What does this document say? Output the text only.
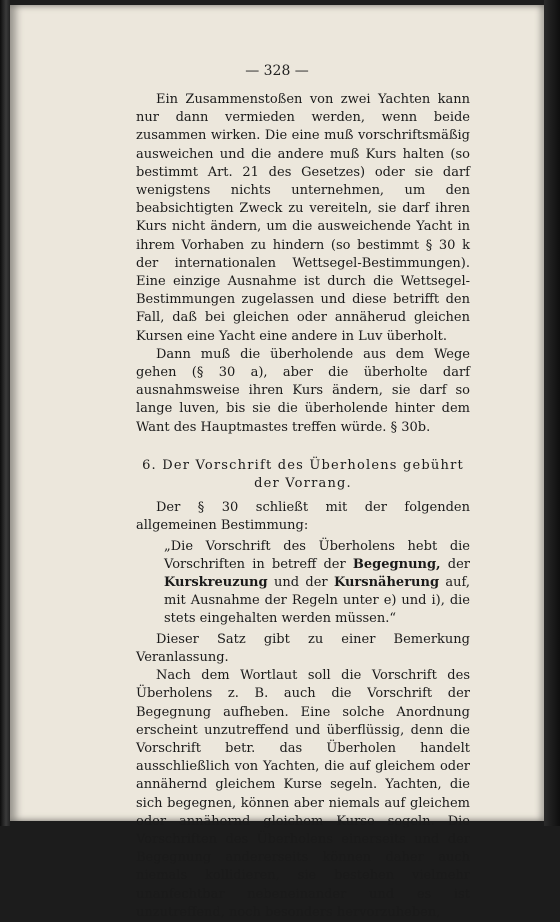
— 328 —

Ein Zusammenstoßen von zwei Yachten kann nur dann vermieden werden, wenn beide zusammen wirken. Die eine muß vorschriftsmäßig ausweichen und die andere muß Kurs halten (so bestimmt Art. 21 des Gesetzes) oder sie darf wenigstens nichts unternehmen, um den beabsichtigten Zweck zu vereiteln, sie darf ihren Kurs nicht ändern, um die ausweichende Yacht in ihrem Vorhaben zu hindern (so bestimmt § 30 k der internationalen Wettsegel-Bestimmungen). Eine einzige Ausnahme ist durch die Wettsegel-Bestimmungen zugelassen und diese betrifft den Fall, daß bei gleichen oder annäherud gleichen Kursen eine Yacht eine andere in Luv überholt.

Dann muß die überholende aus dem Wege gehen (§ 30 a), aber die überholte darf ausnahmsweise ihren Kurs ändern, sie darf so lange luven, bis sie die überholende hinter dem Want des Hauptmastes treffen würde. § 30b.

6. Der Vorschrift des Überholens gebührt der Vorrang.

Der § 30 schließt mit der folgenden allgemeinen Bestimmung:

„Die Vorschrift des Überholens hebt die Vorschriften in betreff der Begegnung, der Kurskreuzung und der Kursnäherung auf, mit Ausnahme der Regeln unter e) und i), die stets eingehalten werden müssen.“

Dieser Satz gibt zu einer Bemerkung Veranlassung.

Nach dem Wortlaut soll die Vorschrift des Überholens z. B. auch die Vorschrift der Begegnung aufheben. Eine solche Anordnung erscheint unzutreffend und überflüssig, denn die Vorschrift betr. das Überholen handelt ausschließlich von Yachten, die auf gleichem oder annähernd gleichem Kurse segeln. Yachten, die sich begegnen, können aber niemals auf gleichem oder annähernd gleichem Kurse segeln. Die Vorschriften des Überholens einerseits und der Begegnung andererseits können daher auch niemals kollidieren, sie bestehen vielmehr unanfechtbar nebeneinander und es ist unzutreffend, noch besonders hervorzuheben,
